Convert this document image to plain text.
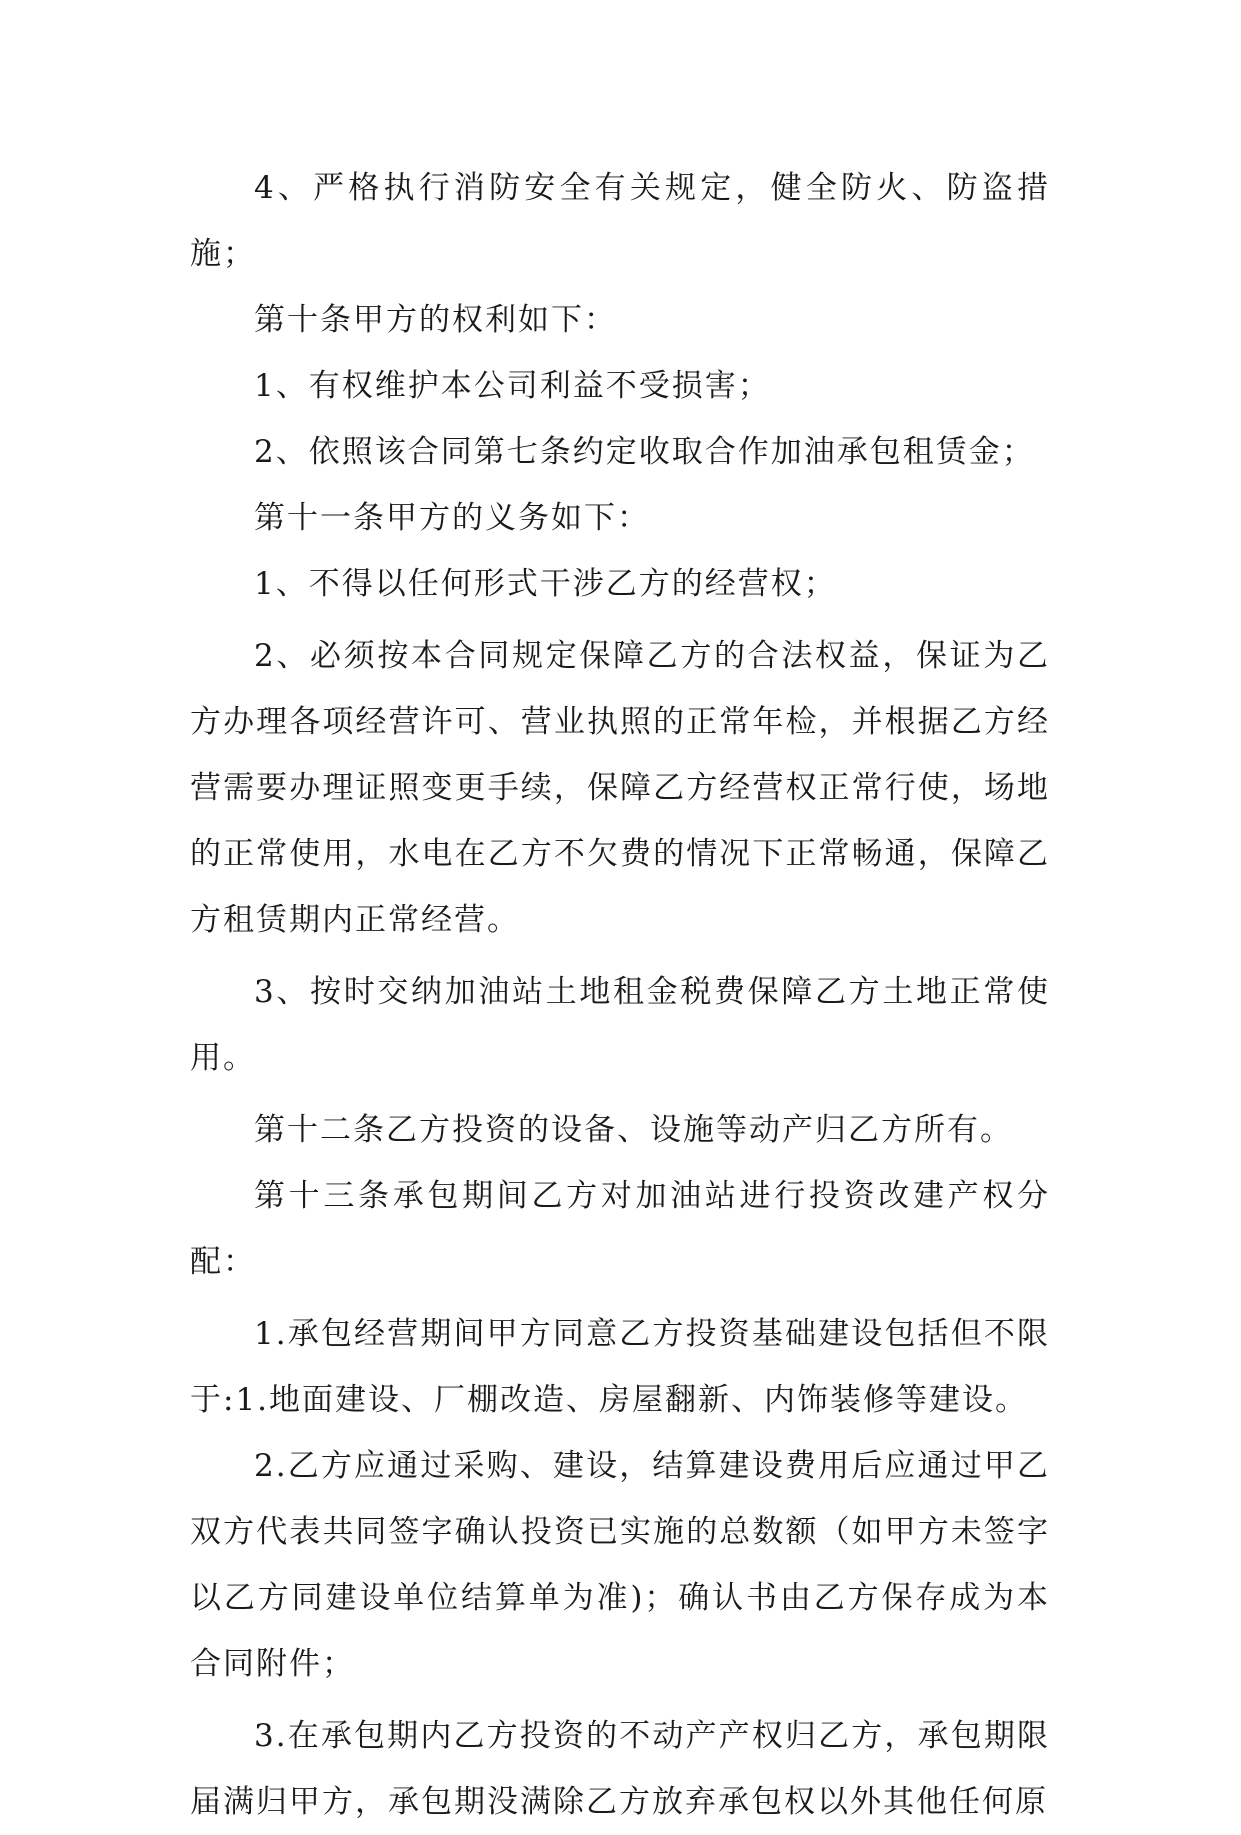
4、严格执行消防安全有关规定，健全防火、防盗措施；

第十条甲方的权利如下：

1、有权维护本公司利益不受损害；

2、依照该合同第七条约定收取合作加油承包租赁金；

第十一条甲方的义务如下：

1、不得以任何形式干涉乙方的经营权；

2、必须按本合同规定保障乙方的合法权益，保证为乙方办理各项经营许可、营业执照的正常年检，并根据乙方经营需要办理证照变更手续，保障乙方经营权正常行使，场地的正常使用，水电在乙方不欠费的情况下正常畅通，保障乙方租赁期内正常经营。

3、按时交纳加油站土地租金税费保障乙方土地正常使用。

第十二条乙方投资的设备、设施等动产归乙方所有。

第十三条承包期间乙方对加油站进行投资改建产权分配：

1.承包经营期间甲方同意乙方投资基础建设包括但不限于:1.地面建设、厂棚改造、房屋翻新、内饰装修等建设。

2.乙方应通过采购、建设，结算建设费用后应通过甲乙双方代表共同签字确认投资已实施的总数额（如甲方未签字以乙方同建设单位结算单为准)；确认书由乙方保存成为本合同附件；

3.在承包期内乙方投资的不动产产权归乙方，承包期限届满归甲方，承包期没满除乙方放弃承包权以外其他任何原
